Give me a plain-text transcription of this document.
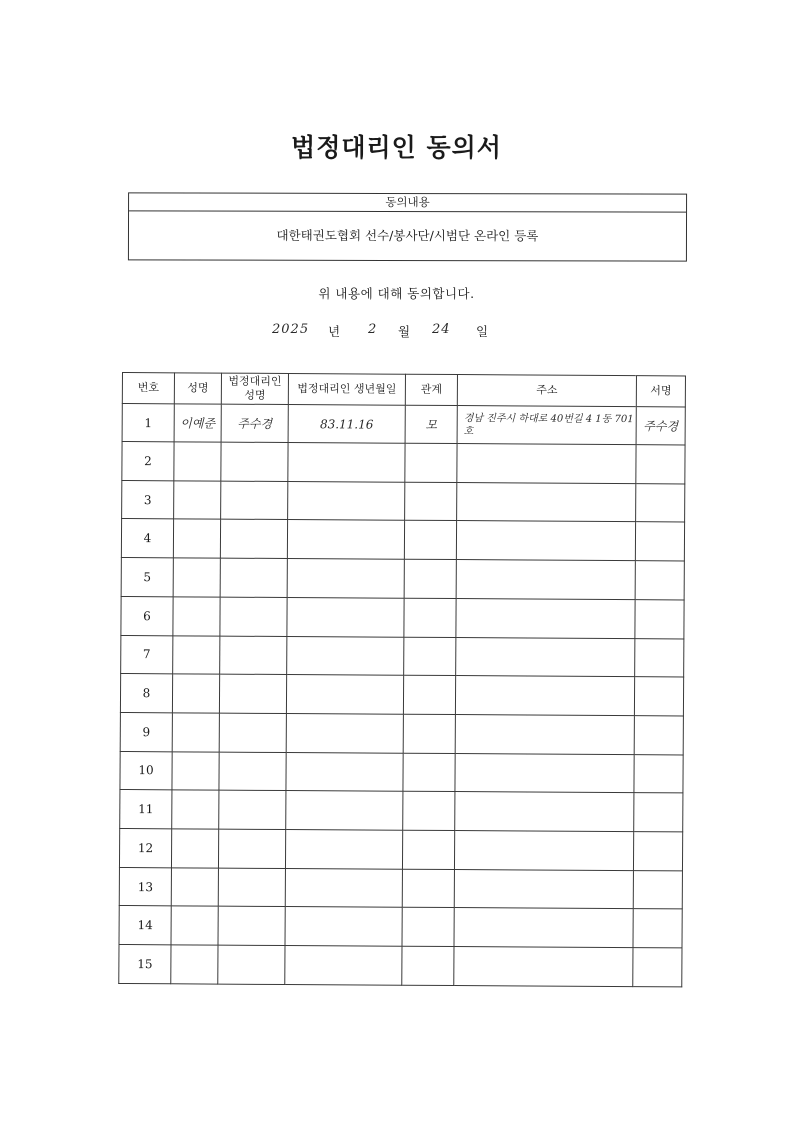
법정대리인 동의서
동의내용
대한태권도협회 선수/봉사단/시범단 온라인 등록
위 내용에 대해 동의합니다.
2025 년 2 월 24 일
번호	성명	법정대리인 성명	법정대리인 생년월일	관계	주소	서명
1	이예준	주수경	83.11.16	모	경남 진주시 하대로 40번길 4 1동 701호	주수경
2						
3						
4						
5						
6						
7						
8						
9						
10						
11						
12						
13						
14						
15						
